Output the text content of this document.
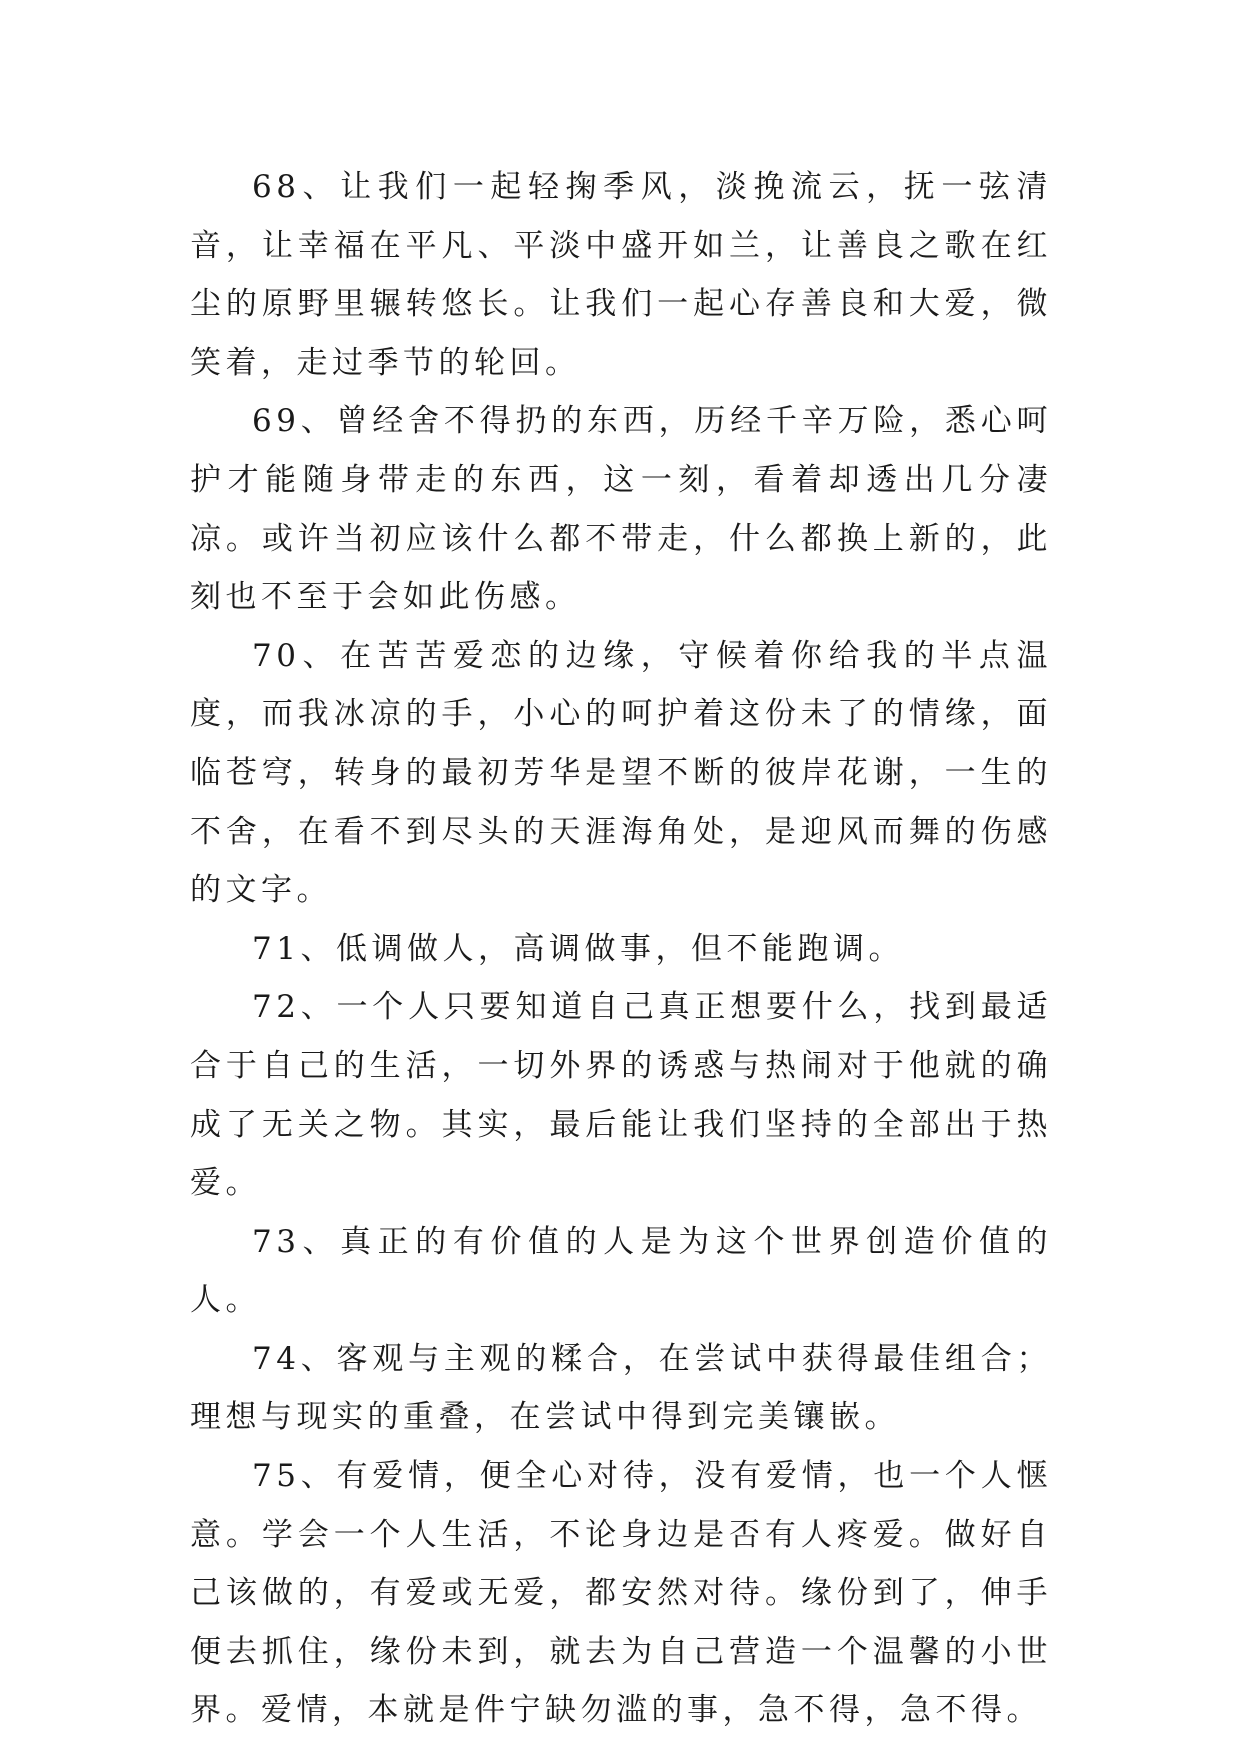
68、让我们一起轻掬季风，淡挽流云，抚一弦清音，让幸福在平凡、平淡中盛开如兰，让善良之歌在红尘的原野里辗转悠长。让我们一起心存善良和大爱，微笑着，走过季节的轮回。

69、曾经舍不得扔的东西，历经千辛万险，悉心呵护才能随身带走的东西，这一刻，看着却透出几分凄凉。或许当初应该什么都不带走，什么都换上新的，此刻也不至于会如此伤感。

70、在苦苦爱恋的边缘，守候着你给我的半点温度，而我冰凉的手，小心的呵护着这份未了的情缘，面临苍穹，转身的最初芳华是望不断的彼岸花谢，一生的不舍，在看不到尽头的天涯海角处，是迎风而舞的伤感的文字。

71、低调做人，高调做事，但不能跑调。

72、一个人只要知道自己真正想要什么，找到最适合于自己的生活，一切外界的诱惑与热闹对于他就的确成了无关之物。其实，最后能让我们坚持的全部出于热爱。

73、真正的有价值的人是为这个世界创造价值的人。

74、客观与主观的糅合，在尝试中获得最佳组合；理想与现实的重叠，在尝试中得到完美镶嵌。

75、有爱情，便全心对待，没有爱情，也一个人惬意。学会一个人生活，不论身边是否有人疼爱。做好自己该做的，有爱或无爱，都安然对待。缘份到了，伸手便去抓住，缘份未到，就去为自己营造一个温馨的小世界。爱情，本就是件宁缺勿滥的事，急不得，急不得。
